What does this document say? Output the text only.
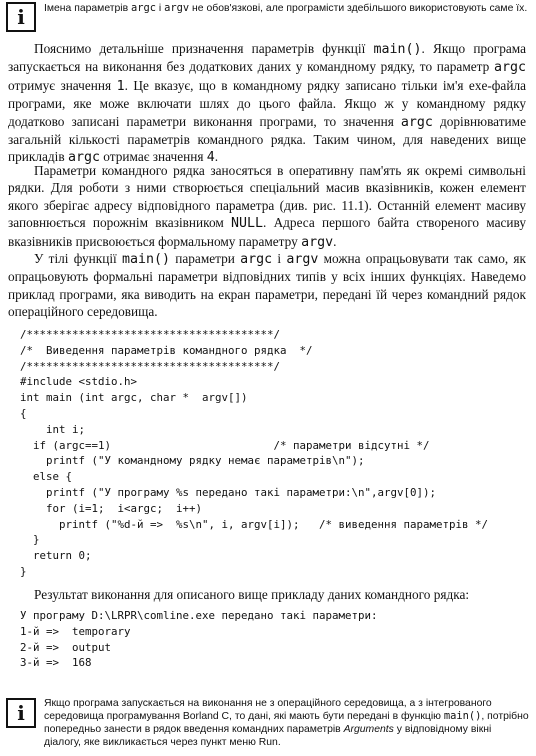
i	Імена параметрів argc і argv не обов'язкові, але програмісти здебільшого використовують саме їх.

Пояснимо детальніше призначення параметрів функції main(). Якщо програма запускається на виконання без додаткових даних у командному рядку, то параметр argc отримує значення 1. Це вказує, що в командному рядку записано тільки ім'я exe-файла програми, яке може включати шлях до цього файла. Якщо ж у командному рядку додатково записані параметри виконання програми, то значення argc дорівнюватиме загальній кількості параметрів командного рядка. Таким чином, для наведених вище прикладів argc отримає значення 4.

Параметри командного рядка заносяться в оперативну пам'ять як окремі символьні рядки. Для роботи з ними створюється спеціальний масив вказівників, кожен елемент якого зберігає адресу відповідного параметра (див. рис. 11.1). Останній елемент масиву заповнюється порожнім вказівником NULL. Адреса першого байта створеного масиву вказівників присвоюється формальному параметру argv.

У тілі функції main() параметри argc і argv можна опрацьовувати так само, як опрацьовують формальні параметри відповідних типів у всіх інших функціях. Наведемо приклад програми, яка виводить на екран параметри, передані їй через командний рядок операційного середовища.

/**************************************/
/*  Виведення параметрів командного рядка  */
/**************************************/
#include <stdio.h>
int main (int argc, char *  argv[])
{
int i;
if (argc==1)                         /* параметри відсутні */
printf ("У командному рядку немає параметрів\n");
else {
printf ("У програму %s передано такі параметри:\n",argv[0]);
for (i=1;  i<argc;  i++)
printf ("%d-й =>  %s\n", i, argv[i]);   /* виведення параметрів */
}
return 0;
}
Результат виконання для описаного вище прикладу даних командного рядка:
У програму D:\LRPR\comline.exe передано такі параметри:
1-й =>  temporary
2-й =>  output
3-й =>  168
i	Якщо програма запускається на виконання не з операційного середовища, а з інтегрованого середовища програмування Borland C, то дані, які мають бути передані в функцію main(), потрібно попередньо занести в рядок введення командних параметрів Arguments у відповідному вікні діалогу, яке викликається через пункт меню Run.
